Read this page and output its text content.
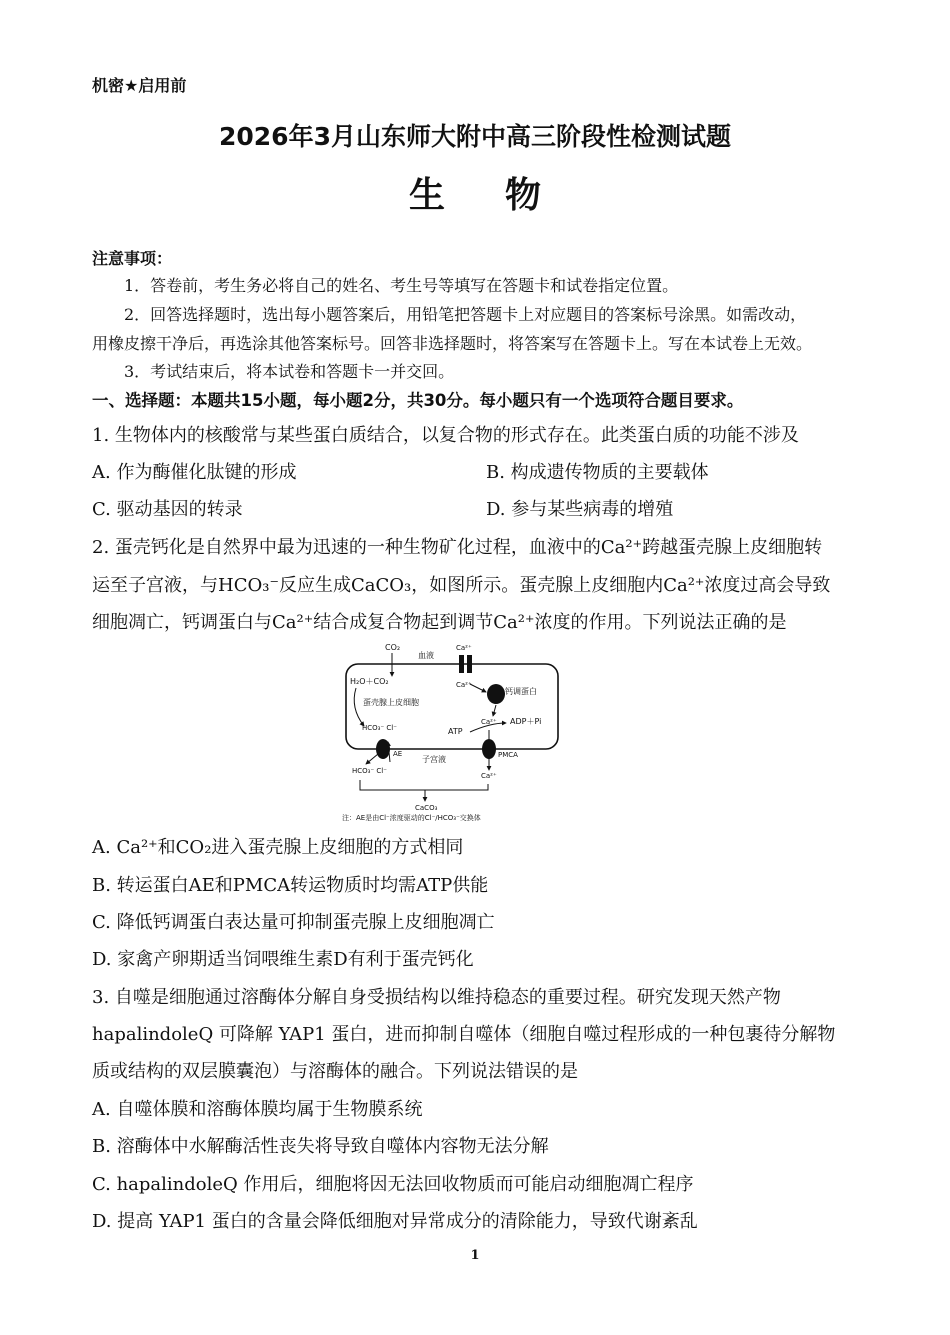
机密★启用前
2026年3月山东师大附中高三阶段性检测试题
生物
注意事项：
1．答卷前，考生务必将自己的姓名、考生号等填写在答题卡和试卷指定位置。
2．回答选择题时，选出每小题答案后，用铅笔把答题卡上对应题目的答案标号涂黑。如需改动，
用橡皮擦干净后，再选涂其他答案标号。回答非选择题时，将答案写在答题卡上。写在本试卷上无效。
3．考试结束后，将本试卷和答题卡一并交回。
一、选择题：本题共15小题，每小题2分，共30分。每小题只有一个选项符合题目要求。
1. 生物体内的核酸常与某些蛋白质结合，以复合物的形式存在。此类蛋白质的功能不涉及
A. 作为酶催化肽键的形成	B. 构成遗传物质的主要载体
C. 驱动基因的转录	D. 参与某些病毒的增殖
2. 蛋壳钙化是自然界中最为迅速的一种生物矿化过程，血液中的Ca²⁺跨越蛋壳腺上皮细胞转
运至子宫液，与HCO₃⁻反应生成CaCO₃，如图所示。蛋壳腺上皮细胞内Ca²⁺浓度过高会导致
细胞凋亡，钙调蛋白与Ca²⁺结合成复合物起到调节Ca²⁺浓度的作用。下列说法正确的是
CO₂
血液
Ca²⁺
Ca²⁺
钙调蛋白
H₂O＋CO₂
蛋壳腺上皮细胞
HCO₃⁻ Cl⁻
AE
HCO₃⁻ Cl⁻
Ca²⁺
ATP
ADP＋Pi
PMCA
Ca²⁺
子宫液
CaCO₃
注：AE是由Cl⁻浓度驱动的Cl⁻/HCO₃⁻交换体
A. Ca²⁺和CO₂进入蛋壳腺上皮细胞的方式相同
B. 转运蛋白AE和PMCA转运物质时均需ATP供能
C. 降低钙调蛋白表达量可抑制蛋壳腺上皮细胞凋亡
D. 家禽产卵期适当饲喂维生素D有利于蛋壳钙化
3. 自噬是细胞通过溶酶体分解自身受损结构以维持稳态的重要过程。研究发现天然产物
hapalindoleQ 可降解 YAP1 蛋白，进而抑制自噬体（细胞自噬过程形成的一种包裹待分解物
质或结构的双层膜囊泡）与溶酶体的融合。下列说法错误的是
A. 自噬体膜和溶酶体膜均属于生物膜系统
B. 溶酶体中水解酶活性丧失将导致自噬体内容物无法分解
C. hapalindoleQ 作用后，细胞将因无法回收物质而可能启动细胞凋亡程序
D. 提高 YAP1 蛋白的含量会降低细胞对异常成分的清除能力，导致代谢紊乱
1
